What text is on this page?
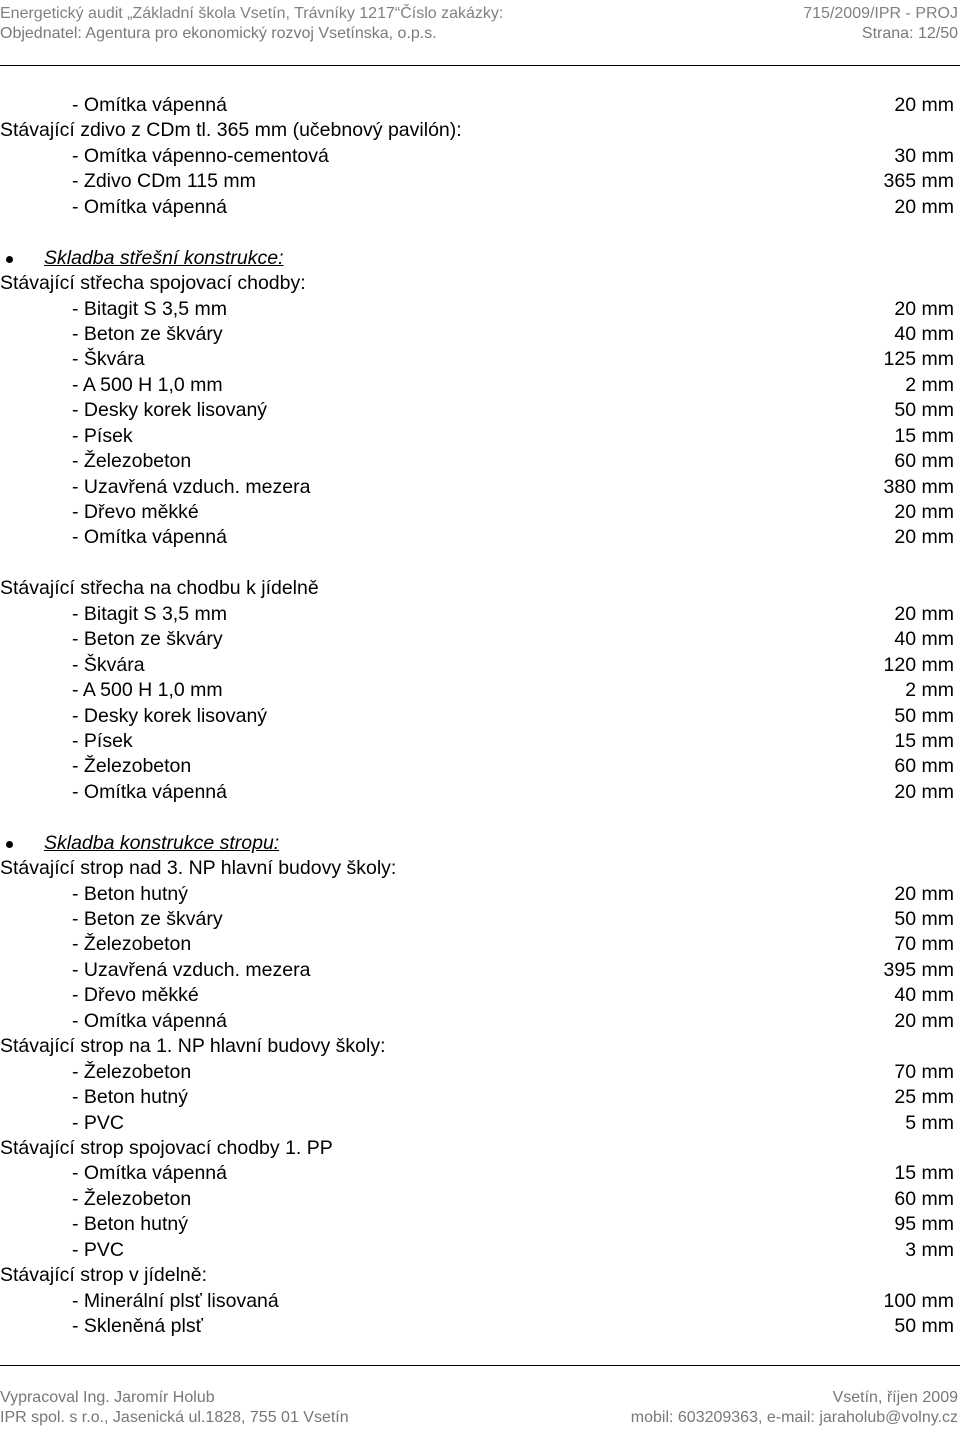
Energetický audit „Základní škola Vsetín, Trávníky 1217“Číslo zakázky:	715/2009/IPR - PROJ
Objednatel: Agentura pro ekonomický rozvoj Vsetínska, o.p.s.	Strana: 12/50
- Omítka vápenná	20 mm
Stávající zdivo z CDm tl. 365 mm (učebnový pavilón):
- Omítka vápenno-cementová	30 mm
- Zdivo CDm 115 mm	365 mm
- Omítka vápenná	20 mm
Skladba střešní konstrukce:
Stávající střecha spojovací chodby:
- Bitagit S 3,5 mm	20 mm
- Beton ze škváry	40 mm
- Škvára	125 mm
- A 500 H 1,0 mm	2 mm
- Desky korek lisovaný	50 mm
- Písek	15 mm
- Železobeton	60 mm
- Uzavřená vzduch. mezera	380 mm
- Dřevo měkké	20 mm
- Omítka vápenná	20 mm
Stávající střecha na chodbu k jídelně
- Bitagit S 3,5 mm	20 mm
- Beton ze škváry	40 mm
- Škvára	120 mm
- A 500 H 1,0 mm	2 mm
- Desky korek lisovaný	50 mm
- Písek	15 mm
- Železobeton	60 mm
- Omítka vápenná	20 mm
Skladba konstrukce stropu:
Stávající strop nad 3. NP hlavní budovy školy:
- Beton hutný	20 mm
- Beton ze škváry	50 mm
- Železobeton	70 mm
- Uzavřená vzduch. mezera	395 mm
- Dřevo měkké	40 mm
- Omítka vápenná	20 mm
Stávající strop na 1. NP hlavní budovy školy:
- Železobeton	70 mm
- Beton hutný	25 mm
- PVC	5 mm
Stávající strop spojovací chodby 1. PP
- Omítka vápenná	15 mm
- Železobeton	60 mm
- Beton hutný	95 mm
- PVC	3 mm
Stávající strop v jídelně:
- Minerální plsť lisovaná	100 mm
- Skleněná plsť	50 mm
Vypracoval Ing. Jaromír Holub	Vsetín, říjen 2009
IPR spol. s r.o., Jasenická ul.1828, 755 01 Vsetín	mobil: 603209363, e-mail: jaraholub@volny.cz
